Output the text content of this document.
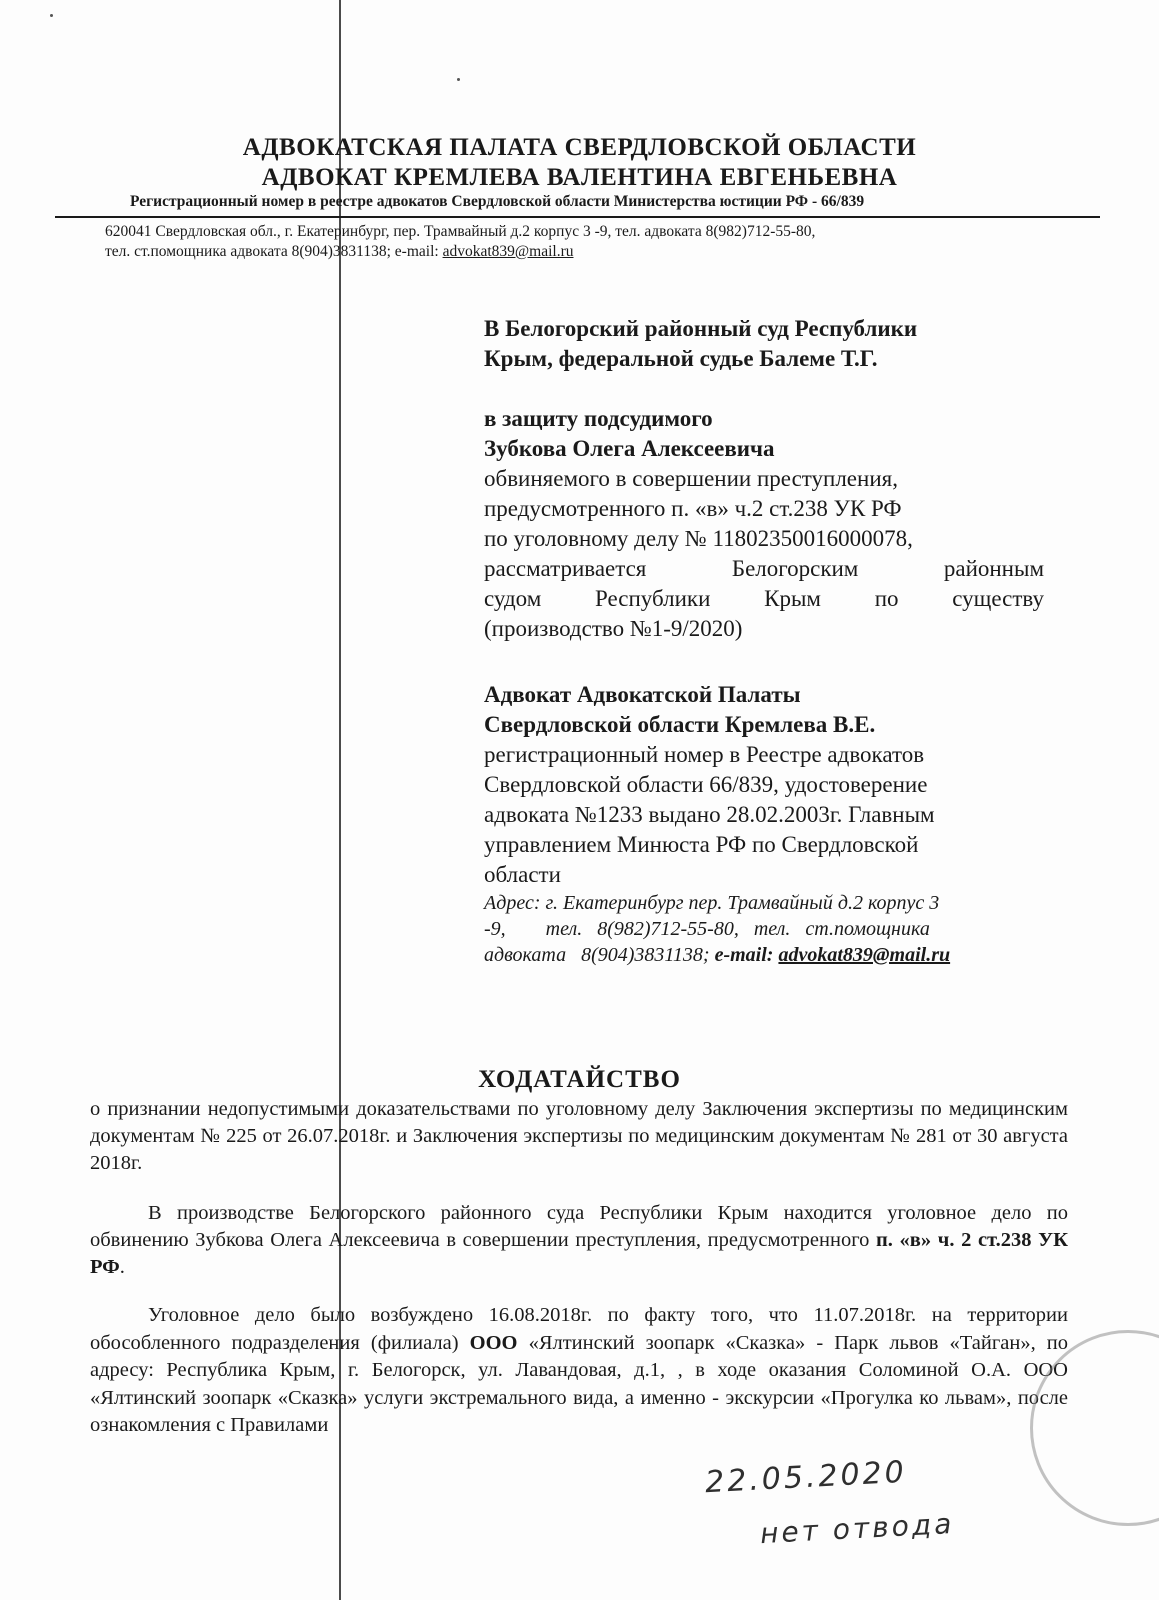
АДВОКАТСКАЯ ПАЛАТА СВЕРДЛОВСКОЙ ОБЛАСТИ
АДВОКАТ КРЕМЛЕВА ВАЛЕНТИНА ЕВГЕНЬЕВНА
Регистрационный номер в реестре адвокатов Свердловской области Министерства юстиции РФ - 66/839
620041 Свердловская обл., г. Екатеринбург, пер. Трамвайный д.2 корпус 3 -9, тел. адвоката 8(982)712-55-80,
тел. ст.помощника адвоката 8(904)3831138; e-mail: advokat839@mail.ru
В Белогорский районный суд Республики
Крым, федеральной судье Балеме Т.Г.
в защиту подсудимого
Зубкова Олега Алексеевича
обвиняемого в совершении преступления,
предусмотренного п. «в» ч.2 ст.238 УК РФ
по уголовному делу № 11802350016000078,
рассматривается Белогорским районным
судом Республики Крым по существу
(производство №1-9/2020)
Адвокат Адвокатской Палаты
Свердловской области Кремлева В.Е.
регистрационный номер в Реестре адвокатов
Свердловской области 66/839, удостоверение
адвоката №1233 выдано 28.02.2003г. Главным
управлением Минюста РФ по Свердловской
области
Адрес: г. Екатеринбург пер. Трамвайный д.2 корпус 3
-9,        тел.   8(982)712-55-80,   тел.   ст.помощника
адвоката   8(904)3831138; e-mail: advokat839@mail.ru
ХОДАТАЙСТВО
о признании недопустимыми доказательствами по уголовному делу Заключения экспертизы по медицинским документам № 225 от 26.07.2018г. и Заключения экспертизы по медицинским документам № 281 от 30 августа 2018г.
В производстве Белогорского районного суда Республики Крым находится уголовное дело по обвинению Зубкова Олега Алексеевича в совершении преступления, предусмотренного п. «в» ч. 2 ст.238 УК РФ.
Уголовное дело было возбуждено 16.08.2018г. по факту того, что 11.07.2018г. на территории обособленного подразделения (филиала) ООО «Ялтинский зоопарк «Сказка» - Парк львов «Тайган», по адресу: Республика Крым, г. Белогорск, ул. Лавандовая, д.1, , в ходе оказания Соломиной О.А. ООО «Ялтинский зоопарк «Сказка» услуги экстремального вида, а именно - экскурсии «Прогулка ко львам», после ознакомления с Правилами
22.05.2020
нет отвода
